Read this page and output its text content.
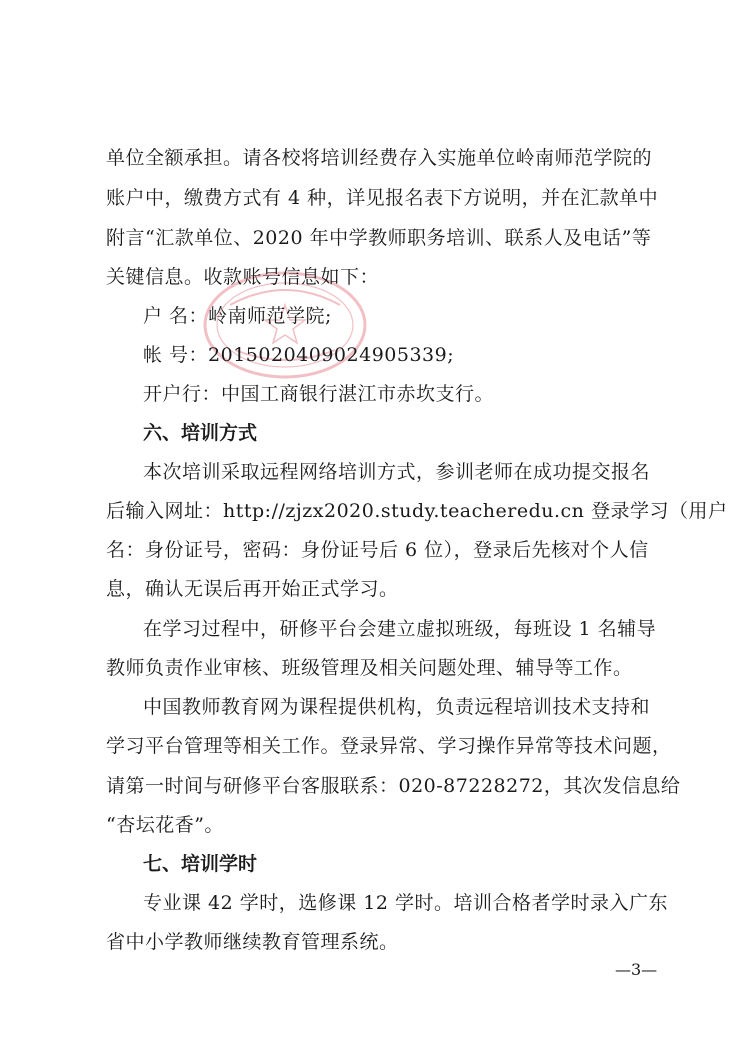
单位全额承担。请各校将培训经费存入实施单位岭南师范学院的
账户中，缴费方式有 4 种，详见报名表下方说明，并在汇款单中
附言“汇款单位、2020 年中学教师职务培训、联系人及电话”等
关键信息。收款账号信息如下：
户 名：岭南师范学院;
帐 号：2015020409024905339;
开户行：中国工商银行湛江市赤坎支行。
六、培训方式
本次培训采取远程网络培训方式，参训老师在成功提交报名
后输入网址：http://zjzx2020.study.teacheredu.cn 登录学习（用户
名：身份证号，密码：身份证号后 6 位），登录后先核对个人信
息，确认无误后再开始正式学习。
在学习过程中，研修平台会建立虚拟班级，每班设 1 名辅导
教师负责作业审核、班级管理及相关问题处理、辅导等工作。
中国教师教育网为课程提供机构，负责远程培训技术支持和
学习平台管理等相关工作。登录异常、学习操作异常等技术问题，
请第一时间与研修平台客服联系：020-87228272，其次发信息给
“杏坛花香”。
七、培训学时
专业课 42 学时，选修课 12 学时。培训合格者学时录入广东
省中小学教师继续教育管理系统。
—3—
